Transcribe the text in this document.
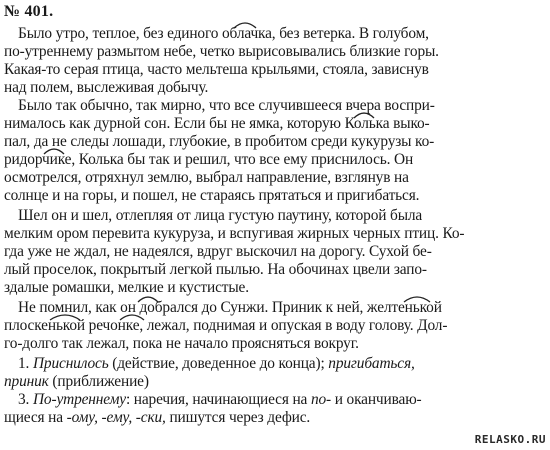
№ 401.
Было утро, теплое, без единого облачка, без ветерка. В голубом,
по-утреннему размытом небе, четко вырисовывались близкие горы.
Какая-то серая птица, часто мельтеша крыльями, стояла, зависнув
над полем, выслеживая добычу.
Было так обычно, так мирно, что все случившееся вчера воспри-
нималось как дурной сон. Если бы не ямка, которую Колька выко-
пал, да не следы лошади, глубокие, в пробитом среди кукурузы ко-
ридорчике, Колька бы так и решил, что все ему приснилось. Он
осмотрелся, отряхнул землю, выбрал направление, взглянув на
солнце и на горы, и пошел, не стараясь прятаться и пригибаться.
Шел он и шел, отлепляя от лица густую паутину, которой была
мелким ором перевита кукуруза, и вспугивая жирных черных птиц. Ко-
гда уже не ждал, не надеялся, вдруг выскочил на дорогу. Сухой бе-
лый проселок, покрытый легкой пылью. На обочинах цвели запо-
здалые ромашки, мелкие и кустистые.
Не помнил, как он добрался до Сунжи. Приник к ней, желтенькой
плоскенькой речонке, лежал, поднимая и опуская в воду голову. Дол-
го-долго так лежал, пока не начало проясняться вокруг.
1. Приснилось (действие, доведенное до конца); пригибаться,
приник (приближение)
3. По-утреннему: наречия, начинающиеся на по- и оканчиваю-
щиеся на -ому, -ему, -ски, пишутся через дефис.
RELASKO.RU
